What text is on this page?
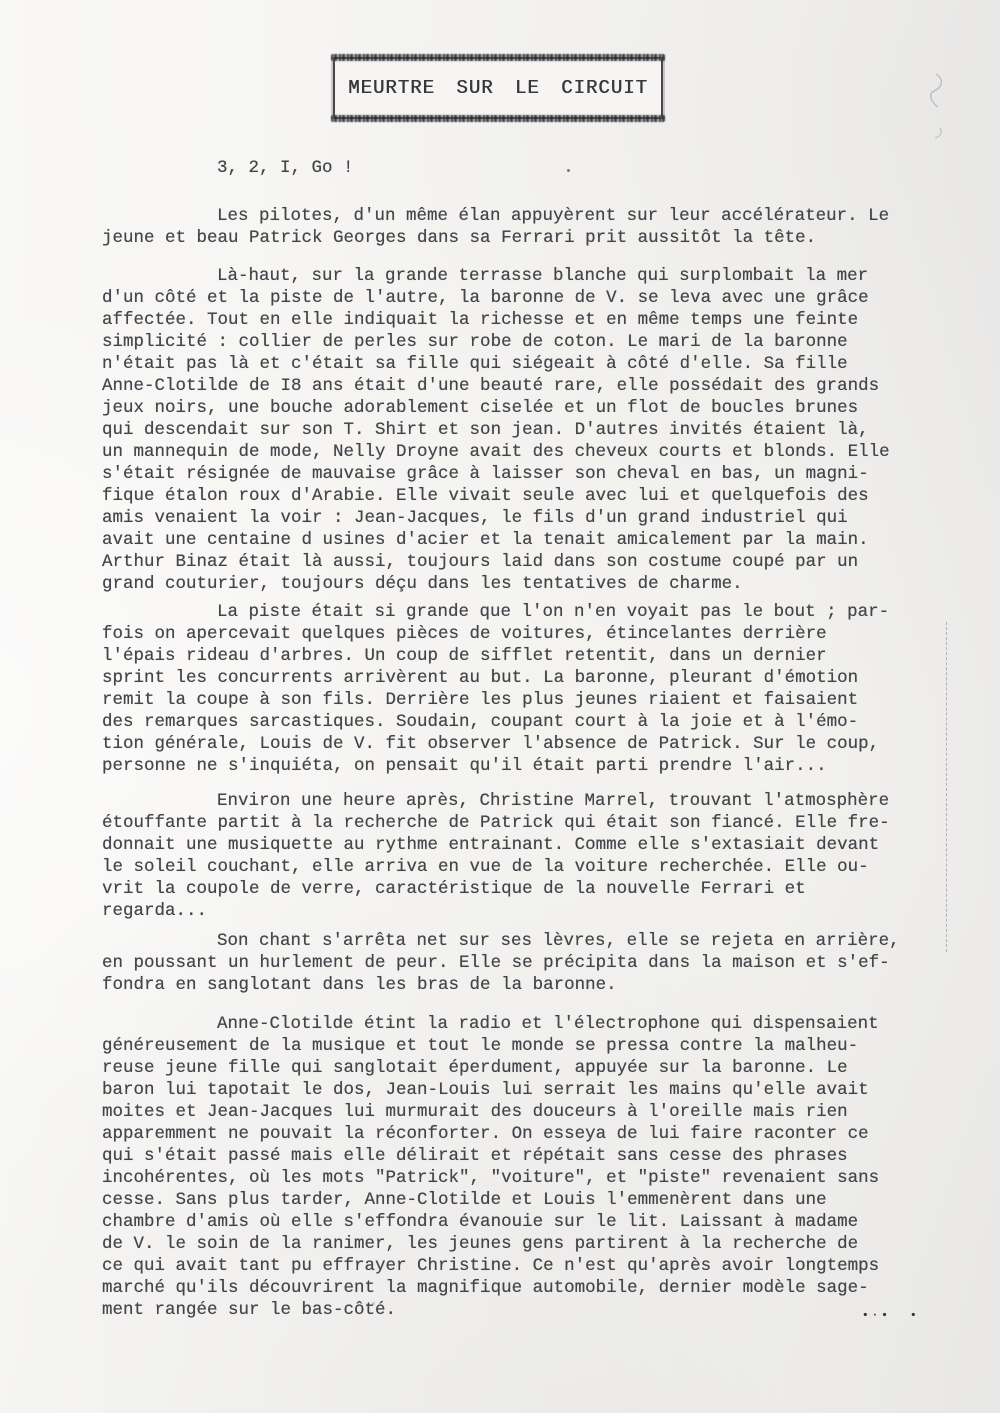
MEURTRE SUR LE CIRCUIT
3, 2, I, Go !
Les pilotes, d'un même élan appuyèrent sur leur accélérateur. Le
jeune et beau Patrick Georges dans sa Ferrari prit aussitôt la tête.
Là-haut, sur la grande terrasse blanche qui surplombait la mer
d'un côté et la piste de l'autre, la baronne de V. se leva avec une grâce
affectée. Tout en elle indiquait la richesse et en même temps une feinte
simplicité : collier de perles sur robe de coton. Le mari de la baronne
n'était pas là et c'était sa fille qui siégeait à côté d'elle. Sa fille
Anne-Clotilde de I8 ans était d'une beauté rare, elle possédait des grands
jeux noirs, une bouche adorablement ciselée et un flot de boucles brunes
qui descendait sur son T. Shirt et son jean. D'autres invités étaient là,
un mannequin de mode, Nelly Droyne avait des cheveux courts et blonds. Elle
s'était résignée de mauvaise grâce à laisser son cheval en bas, un magni-
fique étalon roux d'Arabie. Elle vivait seule avec lui et quelquefois des
amis venaient la voir : Jean-Jacques, le fils d'un grand industriel qui
avait une centaine d usines d'acier et la tenait amicalement par la main.
Arthur Binaz était là aussi, toujours laid dans son costume coupé par un
grand couturier, toujours déçu dans les tentatives de charme.
La piste était si grande que l'on n'en voyait pas le bout ; par-
fois on apercevait quelques pièces de voitures, étincelantes derrière
l'épais rideau d'arbres. Un coup de sifflet retentit, dans un dernier
sprint les concurrents arrivèrent au but. La baronne, pleurant d'émotion
remit la coupe à son fils. Derrière les plus jeunes riaient et faisaient
des remarques sarcastiques. Soudain, coupant court à la joie et à l'émo-
tion générale, Louis de V. fit observer l'absence de Patrick. Sur le coup,
personne ne s'inquiéta, on pensait qu'il était parti prendre l'air...
Environ une heure après, Christine Marrel, trouvant l'atmosphère
étouffante partit à la recherche de Patrick qui était son fiancé. Elle fre-
donnait une musiquette au rythme entrainant. Comme elle s'extasiait devant
le soleil couchant, elle arriva en vue de la voiture recherchée. Elle ou-
vrit la coupole de verre, caractéristique de la nouvelle Ferrari et
regarda...
Son chant s'arrêta net sur ses lèvres, elle se rejeta en arrière,
en poussant un hurlement de peur. Elle se précipita dans la maison et s'ef-
fondra en sanglotant dans les bras de la baronne.
Anne-Clotilde étint la radio et l'électrophone qui dispensaient
généreusement de la musique et tout le monde se pressa contre la malheu-
reuse jeune fille qui sanglotait éperdument, appuyée sur la baronne. Le
baron lui tapotait le dos, Jean-Louis lui serrait les mains qu'elle avait
moites et Jean-Jacques lui murmurait des douceurs à l'oreille mais rien
apparemment ne pouvait la réconforter. On esseya de lui faire raconter ce
qui s'était passé mais elle délirait et répétait sans cesse des phrases
incohérentes, où les mots "Patrick", "voiture", et "piste" revenaient sans
cesse. Sans plus tarder, Anne-Clotilde et Louis l'emmenèrent dans une
chambre d'amis où elle s'effondra évanouie sur le lit. Laissant à madame
de V. le soin de la ranimer, les jeunes gens partirent à la recherche de
ce qui avait tant pu effrayer Christine. Ce n'est qu'après avoir longtemps
marché qu'ils découvrirent la magnifique automobile, dernier modèle sage-
ment rangée sur le bas-côté.	•·•  •
